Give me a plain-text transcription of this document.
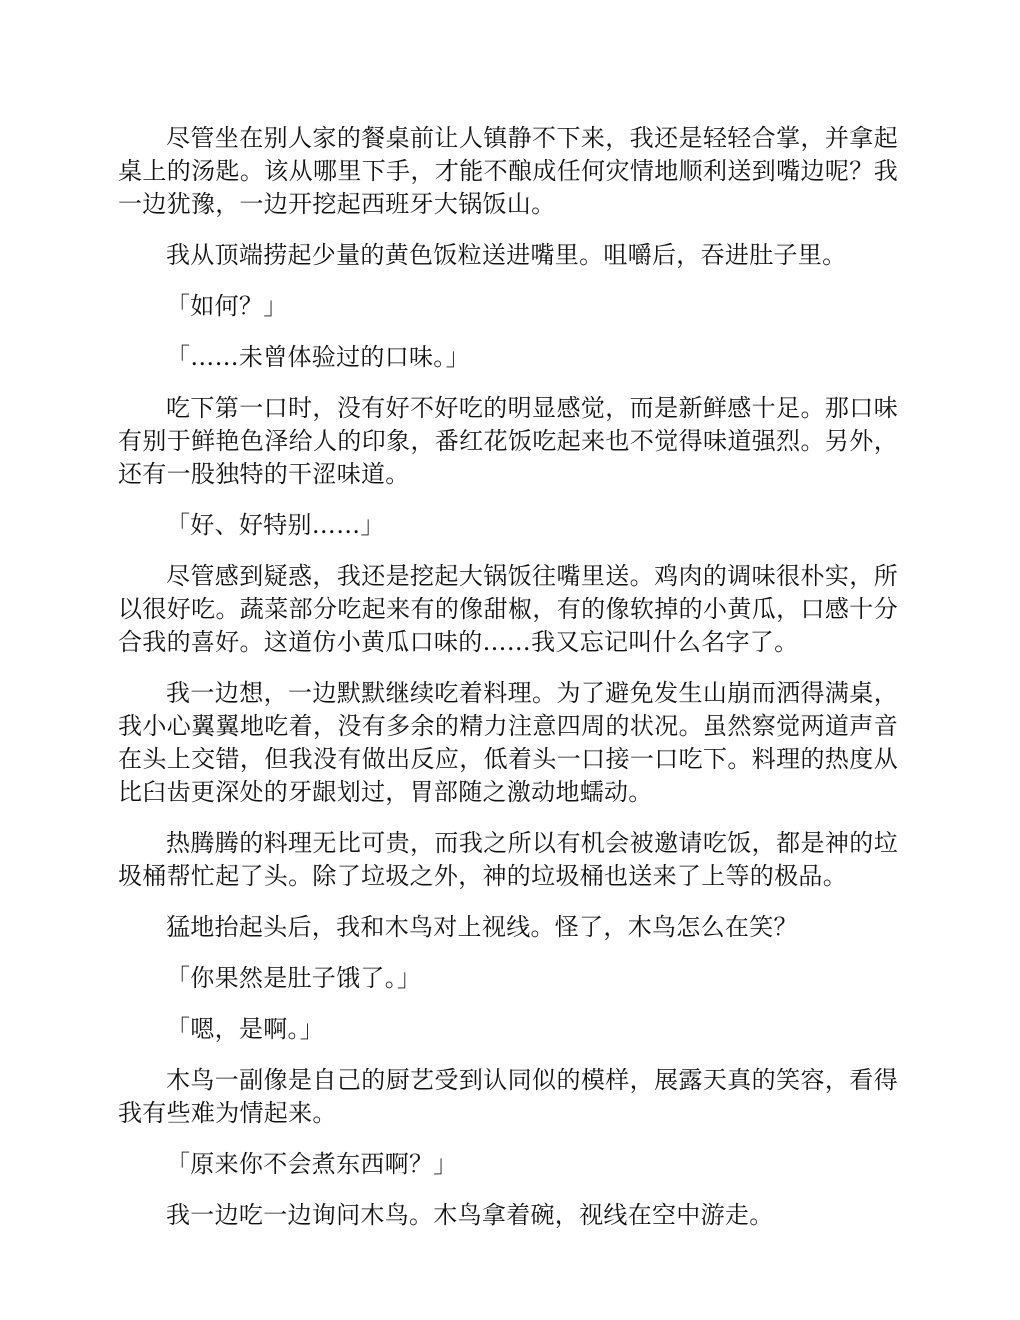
尽管坐在别人家的餐桌前让人镇静不下来，我还是轻轻合掌，并拿起桌上的汤匙。该从哪里下手，才能不酿成任何灾情地顺利送到嘴边呢？我一边犹豫，一边开挖起西班牙大锅饭山。

我从顶端捞起少量的黄色饭粒送进嘴里。咀嚼后，吞进肚子里。

「如何？」

「……未曾体验过的口味。」

吃下第一口时，没有好不好吃的明显感觉，而是新鲜感十足。那口味有别于鲜艳色泽给人的印象，番红花饭吃起来也不觉得味道强烈。另外，还有一股独特的干涩味道。

「好、好特别……」

尽管感到疑惑，我还是挖起大锅饭往嘴里送。鸡肉的调味很朴实，所以很好吃。蔬菜部分吃起来有的像甜椒，有的像软掉的小黄瓜，口感十分合我的喜好。这道仿小黄瓜口味的……我又忘记叫什么名字了。

我一边想，一边默默继续吃着料理。为了避免发生山崩而洒得满桌，我小心翼翼地吃着，没有多余的精力注意四周的状况。虽然察觉两道声音在头上交错，但我没有做出反应，低着头一口接一口吃下。料理的热度从比臼齿更深处的牙龈划过，胃部随之激动地蠕动。

热腾腾的料理无比可贵，而我之所以有机会被邀请吃饭，都是神的垃圾桶帮忙起了头。除了垃圾之外，神的垃圾桶也送来了上等的极品。

猛地抬起头后，我和木鸟对上视线。怪了，木鸟怎么在笑？

「你果然是肚子饿了。」

「嗯，是啊。」

木鸟一副像是自己的厨艺受到认同似的模样，展露天真的笑容，看得我有些难为情起来。

「原来你不会煮东西啊？」

我一边吃一边询问木鸟。木鸟拿着碗，视线在空中游走。
